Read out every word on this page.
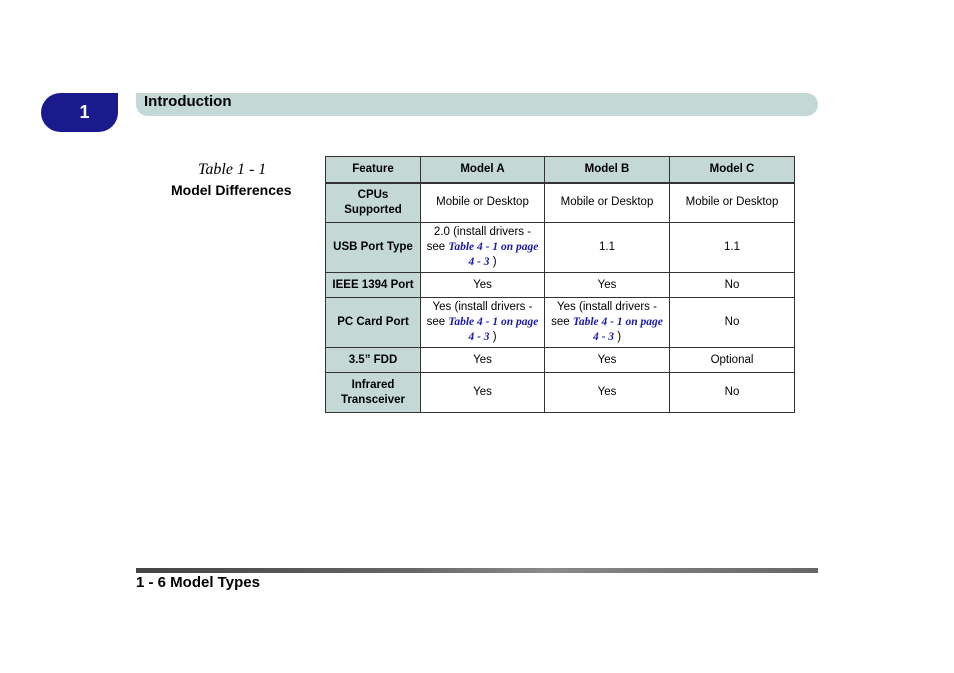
1
Introduction
Table 1 - 1
Model Differences
Feature	Model A	Model B	Model C
CPUs Supported	Mobile or Desktop	Mobile or Desktop	Mobile or Desktop
USB Port Type	2.0 (install drivers - see Table 4 - 1 on page 4 - 3 )	1.1	1.1
IEEE 1394 Port	Yes	Yes	No
PC Card Port	Yes (install drivers - see Table 4 - 1 on page 4 - 3 )	Yes (install drivers - see Table 4 - 1 on page 4 - 3 )	No
3.5” FDD	Yes	Yes	Optional
Infrared Transceiver	Yes	Yes	No
1 - 6 Model Types
